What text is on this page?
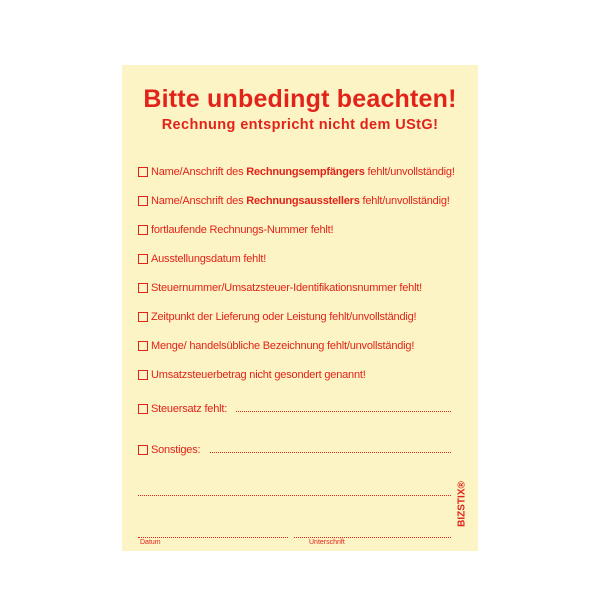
Bitte unbedingt beachten!
Rechnung entspricht nicht dem UStG!
Name/Anschrift des Rechnungsempfängers fehlt/unvollständig!
Name/Anschrift des Rechnungsausstellers fehlt/unvollständig!
fortlaufende Rechnungs-Nummer fehlt!
Ausstellungsdatum fehlt!
Steuernummer/Umsatzsteuer-Identifikationsnummer fehlt!
Zeitpunkt der Lieferung oder Leistung fehlt/unvollständig!
Menge/ handelsübliche Bezeichnung fehlt/unvollständig!
Umsatzsteuerbetrag nicht gesondert genannt!
Steuersatz fehlt:
Sonstiges:
Datum	Unterschrift
BIZSTIX®
